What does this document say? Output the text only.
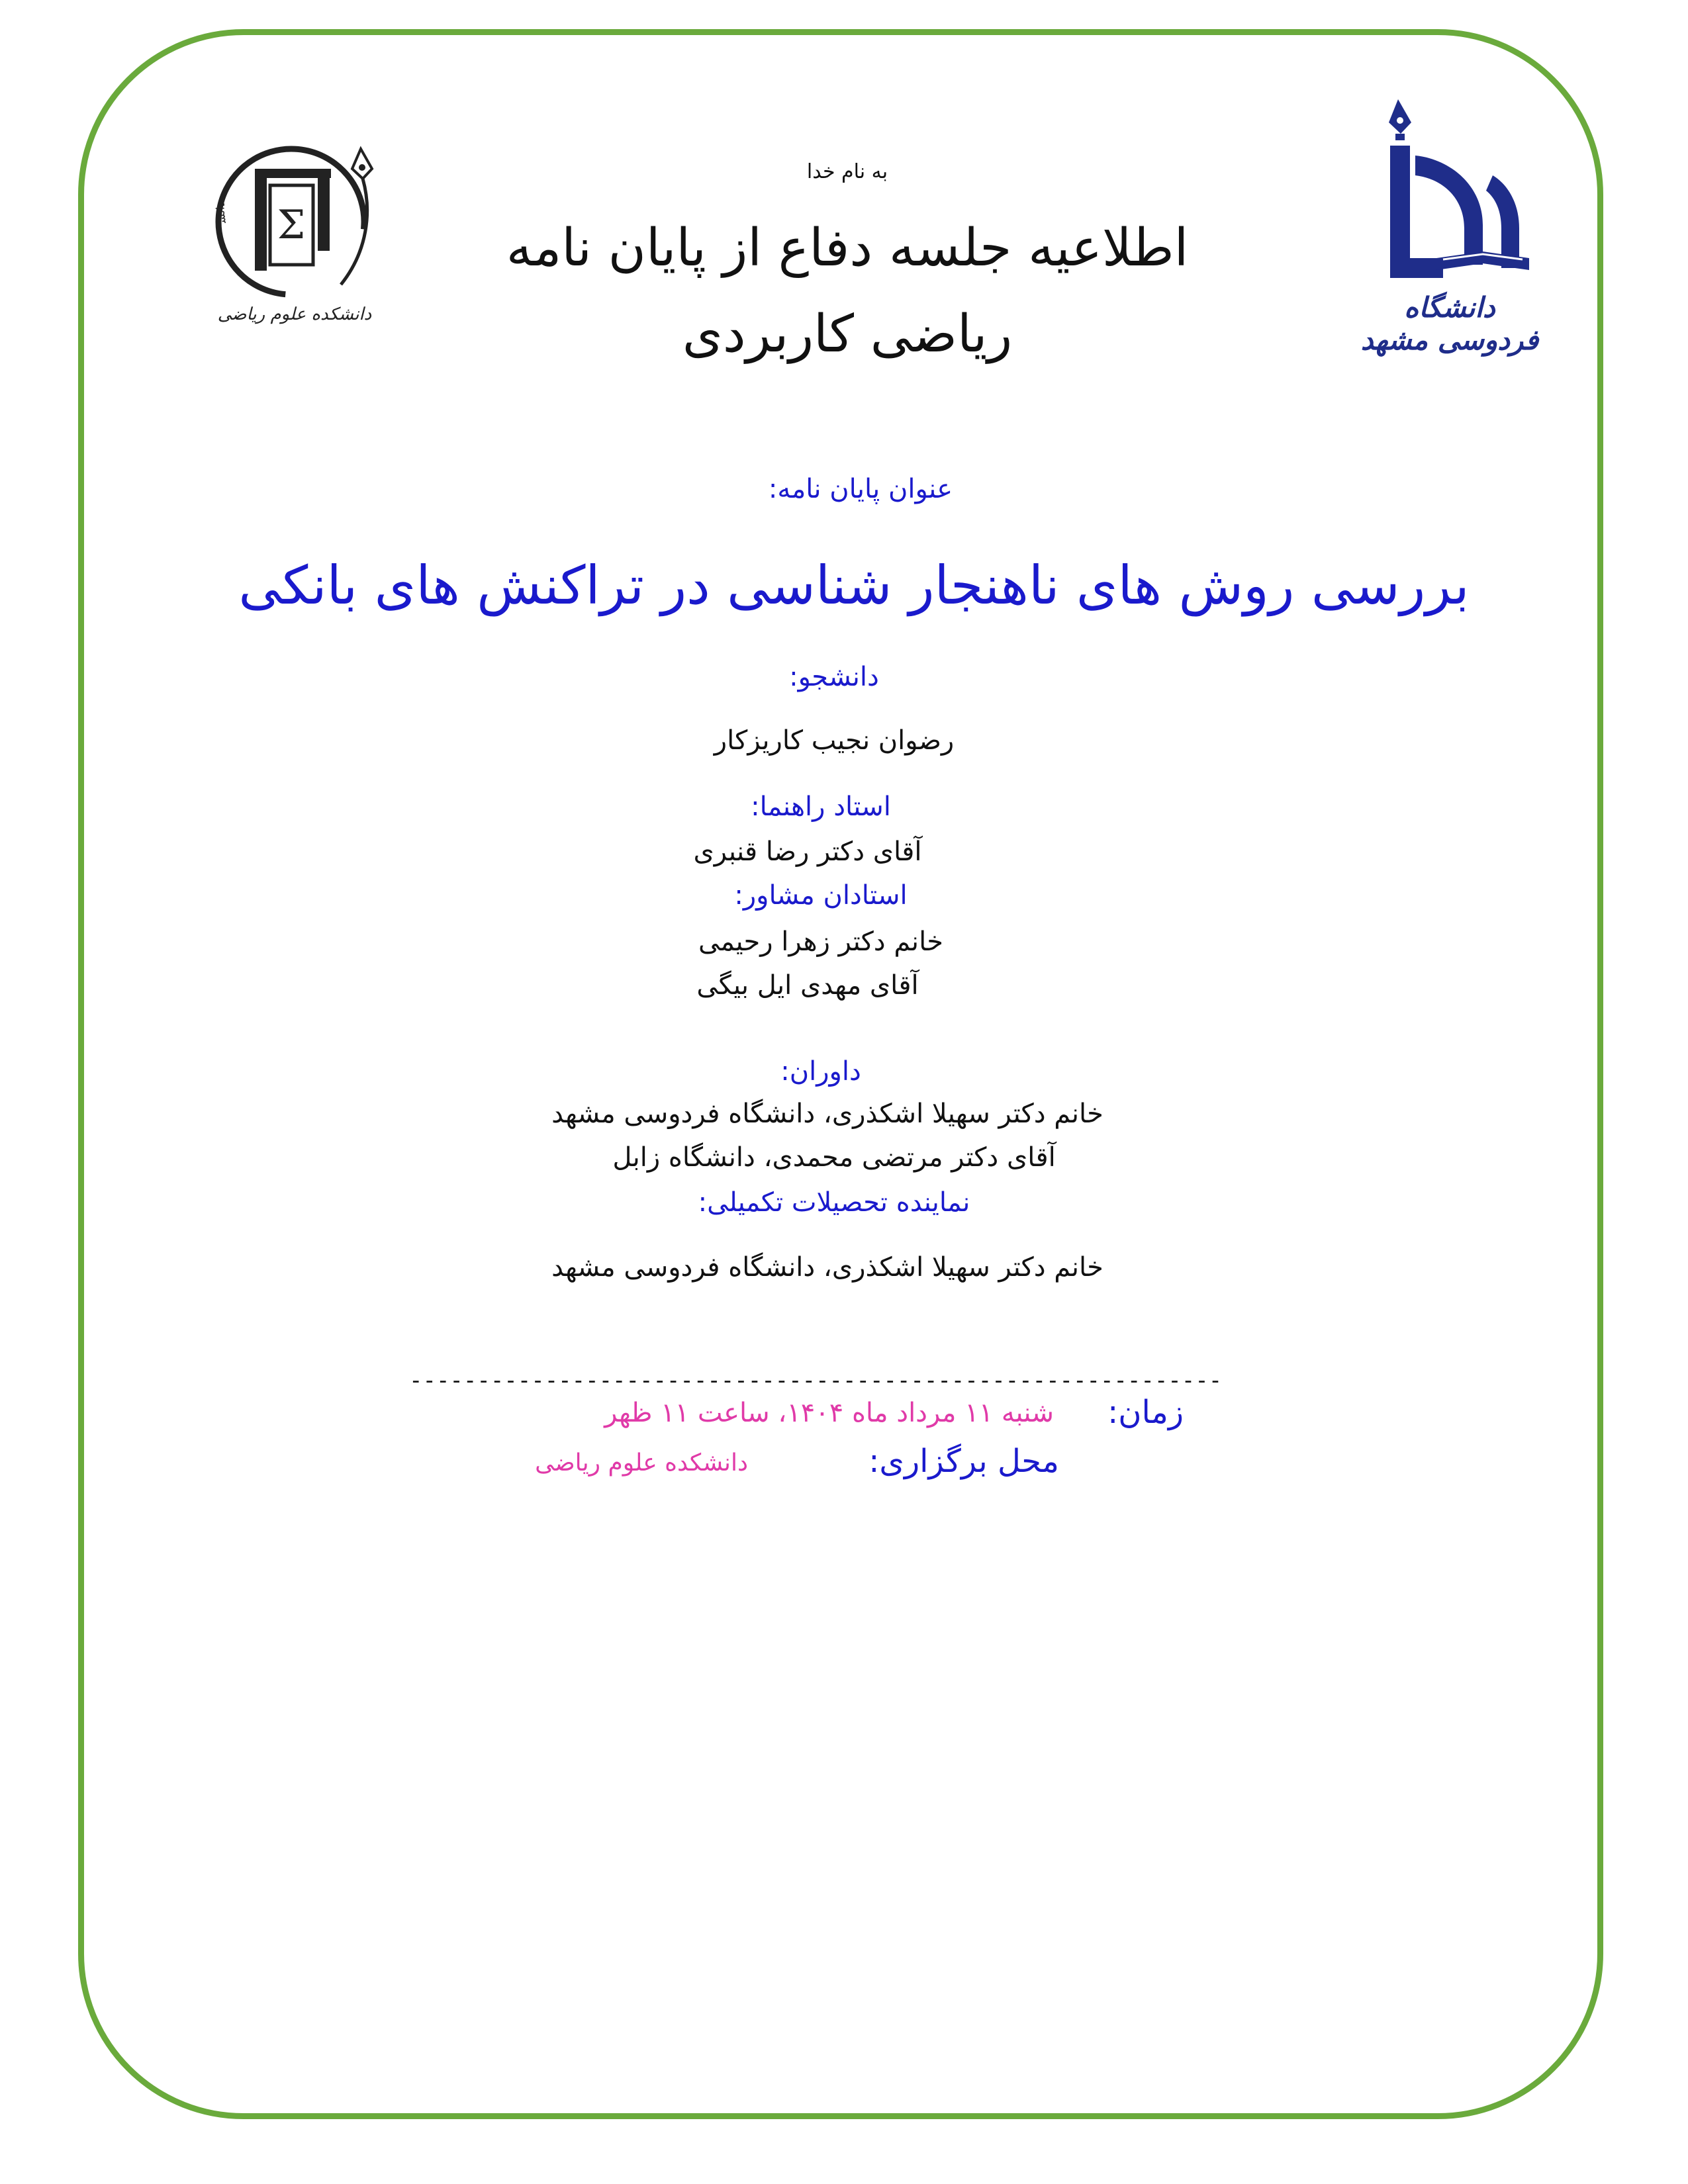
دانش Σ
دانشکده علوم ریاضی	دانشگاه فردوسی مشهد
به نام خدا
اطلاعیه جلسه دفاع از پایان نامه
ریاضی کاربردی
عنوان پایان نامه:
بررسی روش های ناهنجار شناسی در تراکنش های بانکی
دانشجو:
رضوان نجیب کاریزکار
استاد راهنما:
آقای دکتر رضا قنبری
استادان مشاور:
خانم دکتر زهرا رحیمی
آقای مهدی ایل بیگی
داوران:
خانم دکتر سهیلا اشکذری، دانشگاه فردوسی مشهد
آقای دکتر مرتضی محمدی، دانشگاه زابل
نماینده تحصیلات تکمیلی:
خانم دکتر سهیلا اشکذری، دانشگاه فردوسی مشهد
------------------------------------------------------------
زمان:
شنبه ۱۱ مرداد ماه ۱۴۰۴، ساعت ۱۱ ظهر
محل برگزاری:
دانشکده علوم ریاضی
